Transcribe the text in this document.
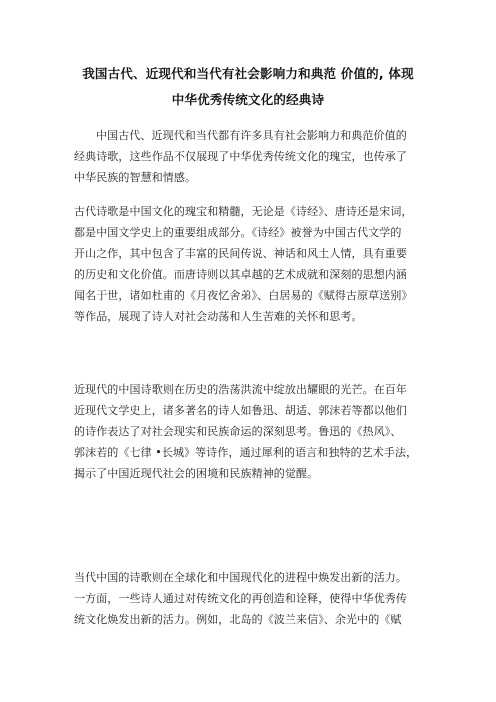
我国古代、近现代和当代有社会影响力和典范 价值的, 体现
中华优秀传统文化的经典诗
中国古代、近现代和当代都有许多具有社会影响力和典范价值的
经典诗歌，这些作品不仅展现了中华优秀传统文化的瑰宝，也传承了
中华民族的智慧和情感。
古代诗歌是中国文化的瑰宝和精髓，无论是《诗经》、唐诗还是宋词，
都是中国文学史上的重要组成部分。《诗经》被誉为中国古代文学的
开山之作，其中包含了丰富的民间传说、神话和风土人情，具有重要
的历史和文化价值。而唐诗则以其卓越的艺术成就和深刻的思想内涵
闻名于世，诸如杜甫的《月夜忆舍弟》、白居易的《赋得古原草送别》
等作品，展现了诗人对社会动荡和人生苦难的关怀和思考。
近现代的中国诗歌则在历史的浩荡洪流中绽放出耀眼的光芒。在百年
近现代文学史上，诸多著名的诗人如鲁迅、胡适、郭沫若等都以他们
的诗作表达了对社会现实和民族命运的深刻思考。鲁迅的《热风》、
郭沫若的《七律 •长城》等诗作，通过犀利的语言和独特的艺术手法，
揭示了中国近现代社会的困境和民族精神的觉醒。
当代中国的诗歌则在全球化和中国现代化的进程中焕发出新的活力。
一方面，一些诗人通过对传统文化的再创造和诠释，使得中华优秀传
统文化焕发出新的活力。例如，北岛的《波兰来信》、余光中的《赋
